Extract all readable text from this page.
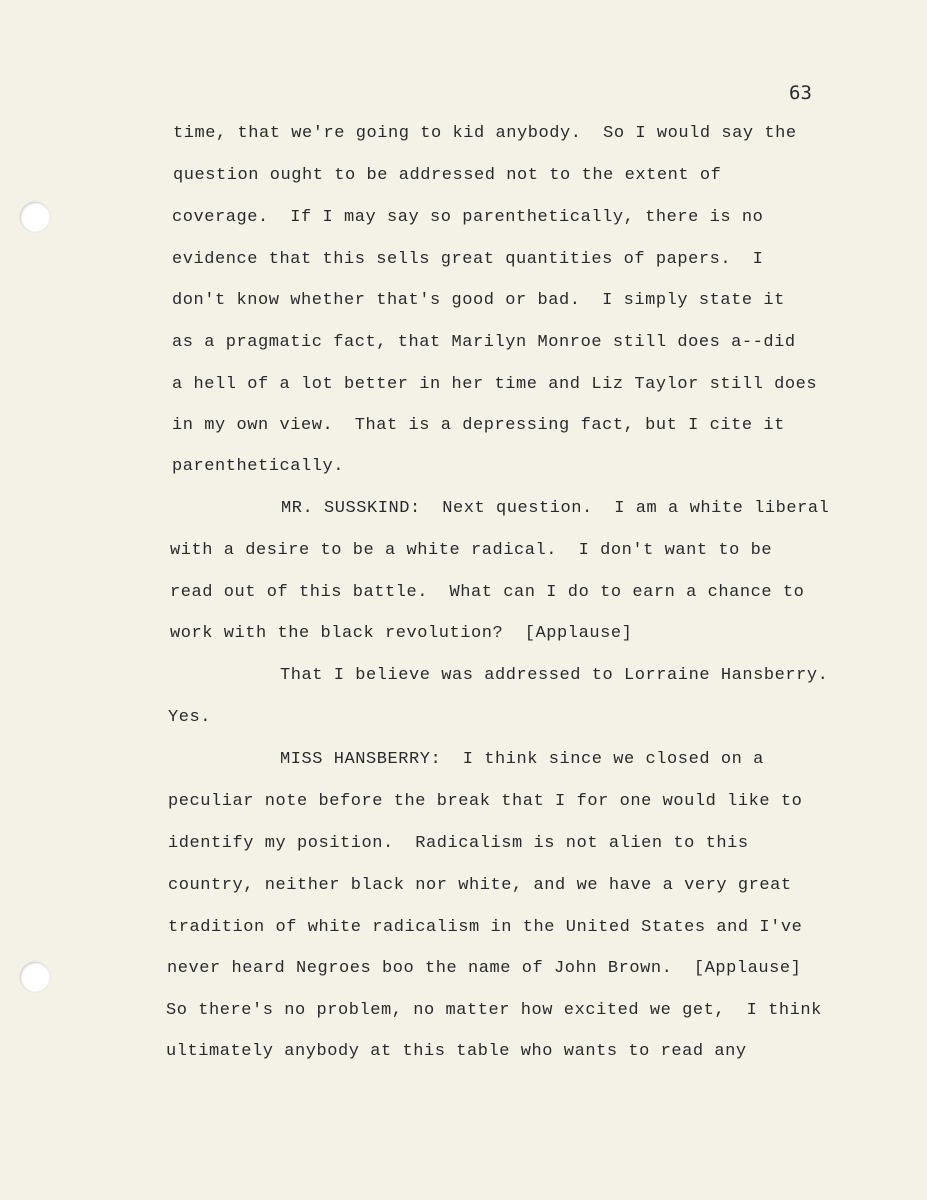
63
time, that we're going to kid anybody.  So I would say the
question ought to be addressed not to the extent of
coverage.  If I may say so parenthetically, there is no
evidence that this sells great quantities of papers.  I
don't know whether that's good or bad.  I simply state it
as a pragmatic fact, that Marilyn Monroe still does a--did
a hell of a lot better in her time and Liz Taylor still does
in my own view.  That is a depressing fact, but I cite it
parenthetically.
MR. SUSSKIND:  Next question.  I am a white liberal
with a desire to be a white radical.  I don't want to be
read out of this battle.  What can I do to earn a chance to
work with the black revolution?  [Applause]
That I believe was addressed to Lorraine Hansberry.
Yes.
MISS HANSBERRY:  I think since we closed on a
peculiar note before the break that I for one would like to
identify my position.  Radicalism is not alien to this
country, neither black nor white, and we have a very great
tradition of white radicalism in the United States and I've
never heard Negroes boo the name of John Brown.  [Applause]
So there's no problem, no matter how excited we get,  I think
ultimately anybody at this table who wants to read any
